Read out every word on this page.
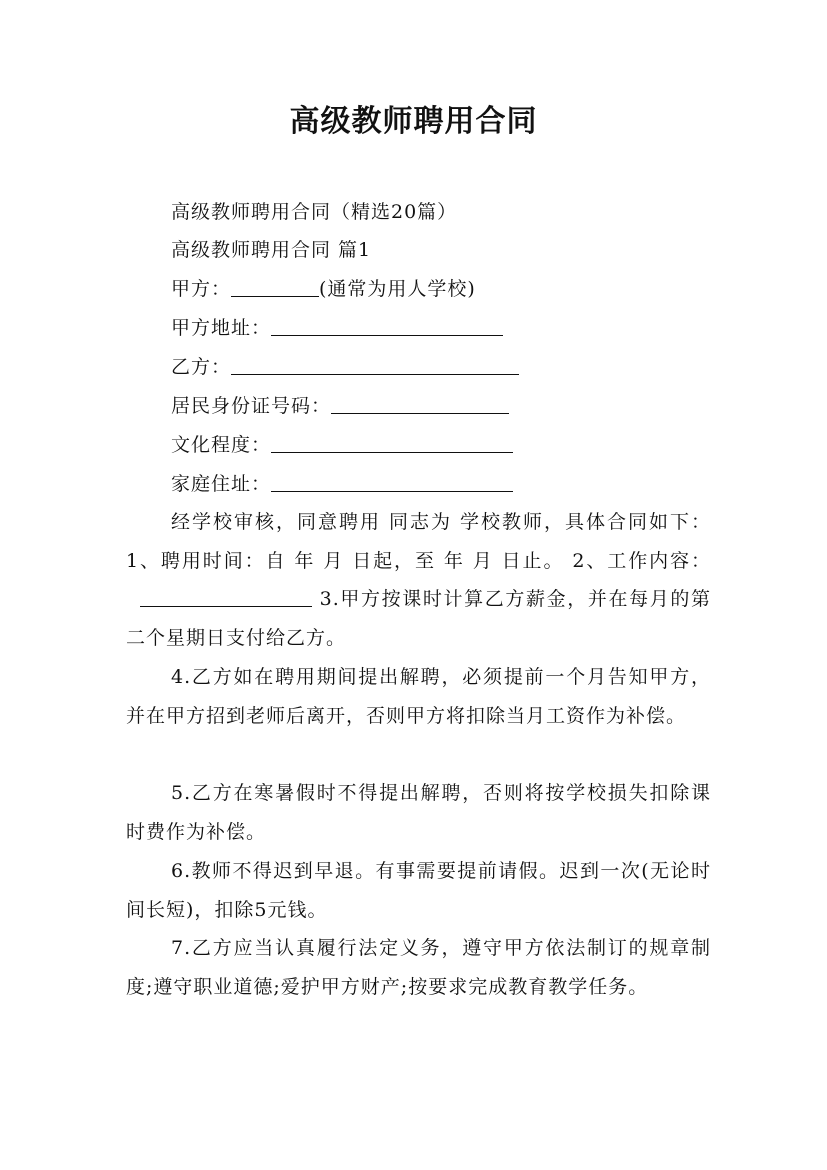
高级教师聘用合同
高级教师聘用合同（精选20篇）
高级教师聘用合同 篇1
甲方：	(通常为用人学校)
甲方地址：
乙方：
居民身份证号码：
文化程度：
家庭住址：
经学校审核，同意聘用 同志为 学校教师，具体合同如下： 1、聘用时间：自 年 月 日起，至 年 月 日止。 2、工作内容： 3.甲方按课时计算乙方薪金，并在每月的第二个星期日支付给乙方。
4.乙方如在聘用期间提出解聘，必须提前一个月告知甲方，并在甲方招到老师后离开，否则甲方将扣除当月工资作为补偿。
5.乙方在寒暑假时不得提出解聘，否则将按学校损失扣除课时费作为补偿。
6.教师不得迟到早退。有事需要提前请假。迟到一次(无论时间长短)，扣除5元钱。
7.乙方应当认真履行法定义务，遵守甲方依法制订的规章制度;遵守职业道德;爱护甲方财产;按要求完成教育教学任务。
